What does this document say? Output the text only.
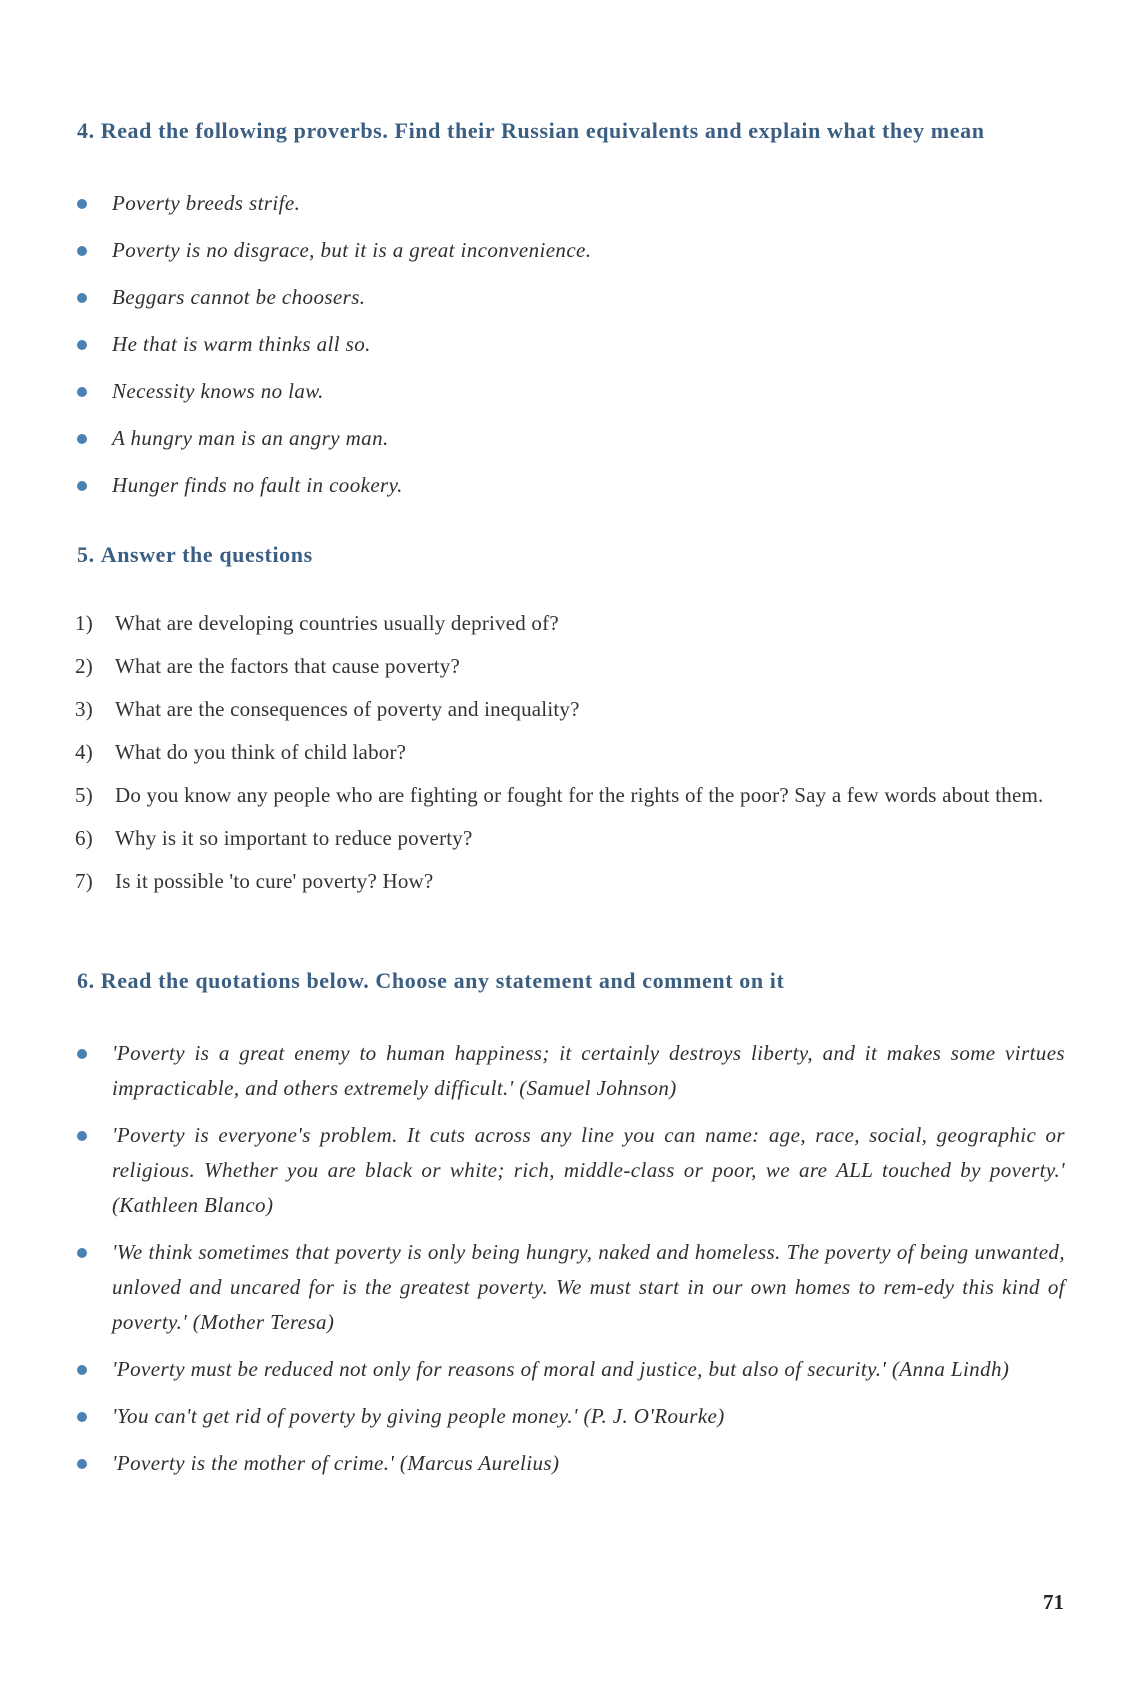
4. Read the following proverbs. Find their Russian equivalents and explain what they mean
Poverty breeds strife.
Poverty is no disgrace, but it is a great inconvenience.
Beggars cannot be choosers.
He that is warm thinks all so.
Necessity knows no law.
A hungry man is an angry man.
Hunger finds no fault in cookery.
5. Answer the questions
1) What are developing countries usually deprived of?
2) What are the factors that cause poverty?
3) What are the consequences of poverty and inequality?
4) What do you think of child labor?
5) Do you know any people who are fighting or fought for the rights of the poor? Say a few words about them.
6) Why is it so important to reduce poverty?
7) Is it possible 'to cure' poverty? How?
6. Read the quotations below. Choose any statement and comment on it
'Poverty is a great enemy to human happiness; it certainly destroys liberty, and it makes some virtues impracticable, and others extremely difficult.' (Samuel Johnson)
'Poverty is everyone's problem. It cuts across any line you can name: age, race, social, geographic or religious. Whether you are black or white; rich, middle-class or poor, we are ALL touched by poverty.' (Kathleen Blanco)
'We think sometimes that poverty is only being hungry, naked and homeless. The poverty of being unwanted, unloved and uncared for is the greatest poverty. We must start in our own homes to rem-edy this kind of poverty.' (Mother Teresa)
'Poverty must be reduced not only for reasons of moral and justice, but also of security.' (Anna Lindh)
'You can't get rid of poverty by giving people money.' (P. J. O'Rourke)
'Poverty is the mother of crime.' (Marcus Aurelius)
71
